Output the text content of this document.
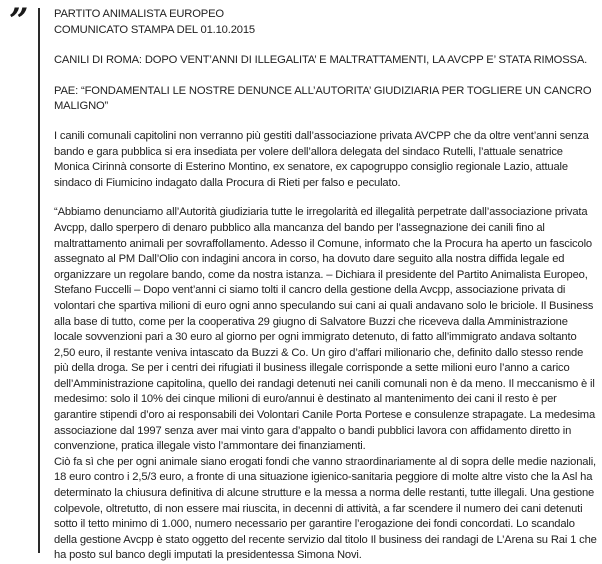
”	PARTITO ANIMALISTA EUROPEO
COMUNICATO STAMPA DEL 01.10.2015

CANILI DI ROMA: DOPO VENT’ANNI DI ILLEGALITA’ E MALTRATTAMENTI, LA AVCPP E’ STATA RIMOSSA.

PAE: “FONDAMENTALI LE NOSTRE DENUNCE ALL’AUTORITA’ GIUDIZIARIA PER TOGLIERE UN CANCRO MALIGNO”

I canili comunali capitolini non verranno più gestiti dall’associazione privata AVCPP che da oltre vent’anni senza bando e gara pubblica si era insediata per volere dell’allora delegata del sindaco Rutelli, l’attuale senatrice Monica Cirinnà consorte di Esterino Montino, ex senatore, ex capogruppo consiglio regionale Lazio, attuale sindaco di Fiumicino indagato dalla Procura di Rieti per falso e peculato.

“Abbiamo denunciamo all’Autorità giudiziaria tutte le irregolarità ed illegalità perpetrate dall’associazione privata Avcpp, dallo sperpero di denaro pubblico alla mancanza del bando per l’assegnazione dei canili fino al maltrattamento animali per sovraffollamento. Adesso il Comune, informato che la Procura ha aperto un fascicolo assegnato al PM Dall’Olio con indagini ancora in corso, ha dovuto dare seguito alla nostra diffida legale ed organizzare un regolare bando, come da nostra istanza. – Dichiara il presidente del Partito Animalista Europeo, Stefano Fuccelli – Dopo vent’anni ci siamo tolti il cancro della gestione della Avcpp, associazione privata di volontari che spartiva milioni di euro ogni anno speculando sui cani ai quali andavano solo le briciole. Il Business alla base di tutto, come per la cooperativa 29 giugno di Salvatore Buzzi che riceveva dalla Amministrazione locale sovvenzioni pari a 30 euro al giorno per ogni immigrato detenuto, di fatto all’immigrato andava soltanto 2,50 euro, il restante veniva intascato da Buzzi & Co. Un giro d’affari milionario che, definito dallo stesso rende più della droga. Se per i centri dei rifugiati il business illegale corrisponde a sette milioni euro l’anno a carico dell’Amministrazione capitolina, quello dei randagi detenuti nei canili comunali non è da meno. Il meccanismo è il medesimo: solo il 10% dei cinque milioni di euro/annui è destinato al mantenimento dei cani il resto è per garantire stipendi d’oro ai responsabili dei Volontari Canile Porta Portese e consulenze strapagate. La medesima associazione dal 1997 senza aver mai vinto gara d’appalto o bandi pubblici lavora con affidamento diretto in convenzione, pratica illegale visto l’ammontare dei finanziamenti.

Ciò fa sì che per ogni animale siano erogati fondi che vanno straordinariamente al di sopra delle medie nazionali, 18 euro contro i 2,5/3 euro, a fronte di una situazione igienico-sanitaria peggiore di molte altre visto che la Asl ha determinato la chiusura definitiva di alcune strutture e la messa a norma delle restanti, tutte illegali. Una gestione colpevole, oltretutto, di non essere mai riuscita, in decenni di attività, a far scendere il numero dei cani detenuti sotto il tetto minimo di 1.000, numero necessario per garantire l’erogazione dei fondi concordati. Lo scandalo della gestione Avcpp è stato oggetto del recente servizio dal titolo Il business dei randagi de L’Arena su Rai 1 che ha posto sul banco degli imputati la presidentessa Simona Novi.
